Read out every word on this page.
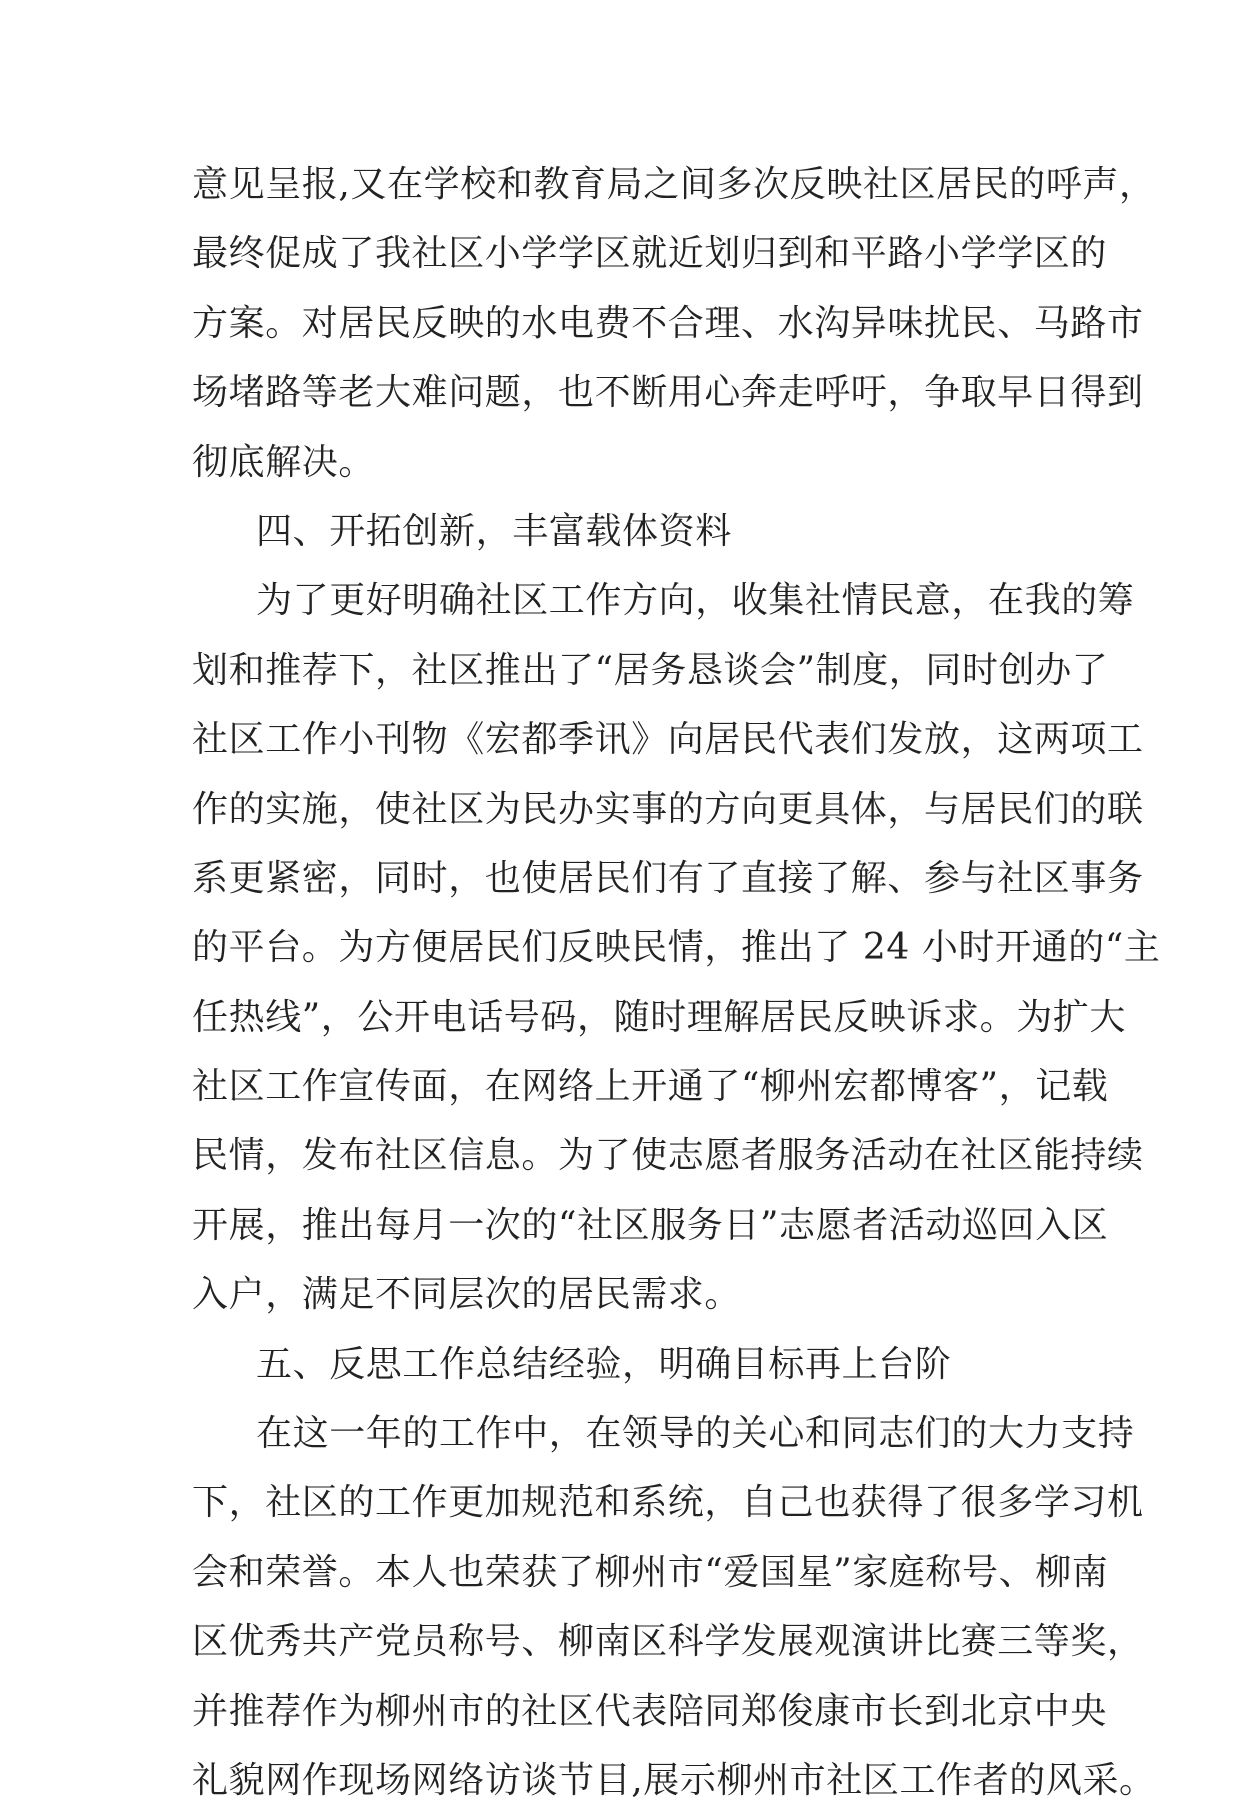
意见呈报,又在学校和教育局之间多次反映社区居民的呼声，
最终促成了我社区小学学区就近划归到和平路小学学区的
方案。对居民反映的水电费不合理、水沟异味扰民、马路市
场堵路等老大难问题，也不断用心奔走呼吁，争取早日得到
彻底解决。
四、开拓创新，丰富载体资料
为了更好明确社区工作方向，收集社情民意，在我的筹
划和推荐下，社区推出了“居务恳谈会”制度，同时创办了
社区工作小刊物《宏都季讯》向居民代表们发放，这两项工
作的实施，使社区为民办实事的方向更具体，与居民们的联
系更紧密，同时，也使居民们有了直接了解、参与社区事务
的平台。为方便居民们反映民情，推出了 24 小时开通的“主
任热线”，公开电话号码，随时理解居民反映诉求。为扩大
社区工作宣传面，在网络上开通了“柳州宏都博客”，记载
民情，发布社区信息。为了使志愿者服务活动在社区能持续
开展，推出每月一次的“社区服务日”志愿者活动巡回入区
入户，满足不同层次的居民需求。
五、反思工作总结经验，明确目标再上台阶
在这一年的工作中，在领导的关心和同志们的大力支持
下，社区的工作更加规范和系统，自己也获得了很多学习机
会和荣誉。本人也荣获了柳州市“爱国星”家庭称号、柳南
区优秀共产党员称号、柳南区科学发展观演讲比赛三等奖，
并推荐作为柳州市的社区代表陪同郑俊康市长到北京中央
礼貌网作现场网络访谈节目,展示柳州市社区工作者的风采。
